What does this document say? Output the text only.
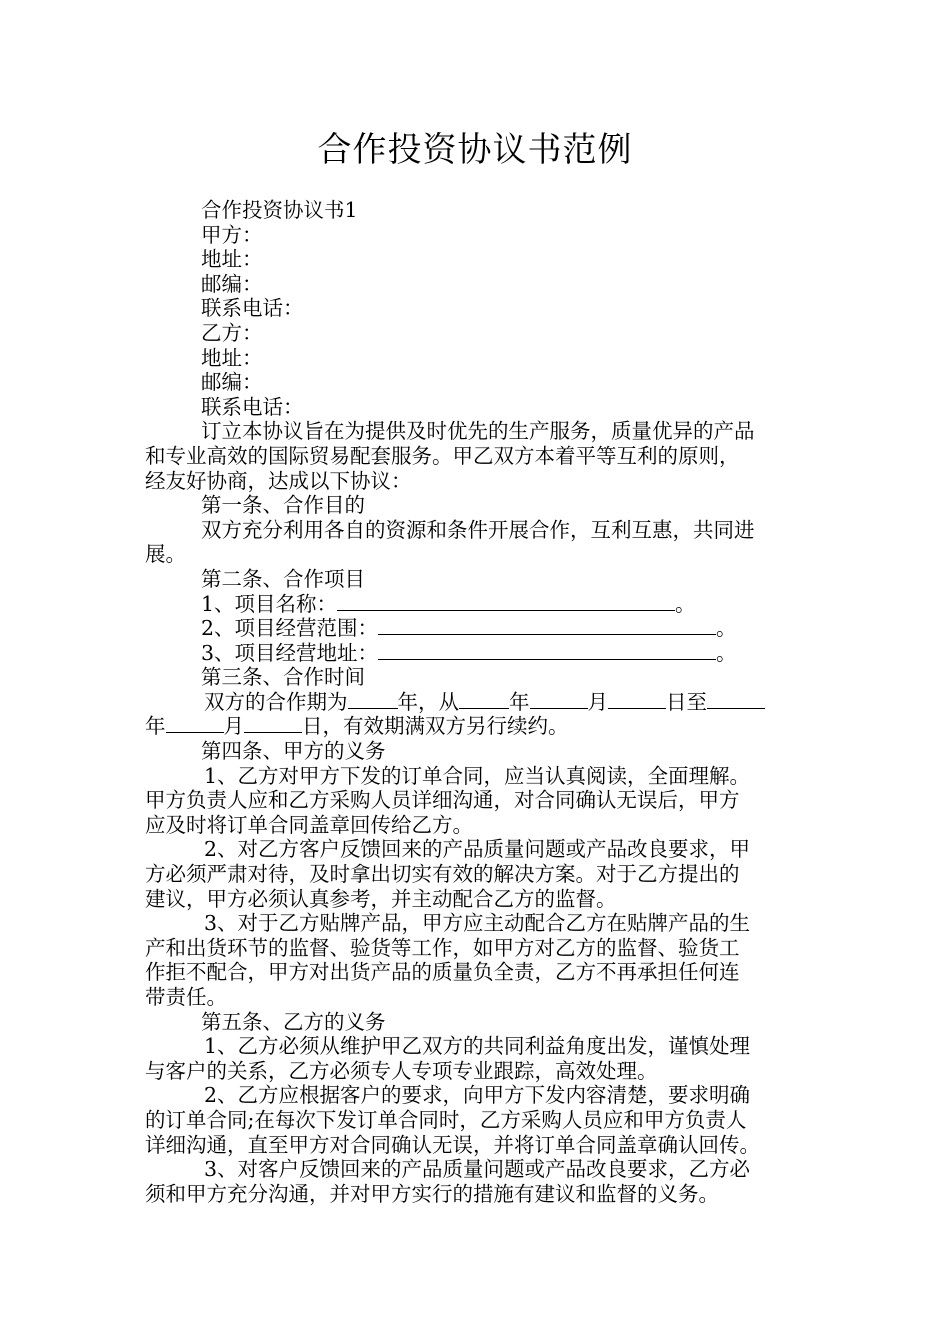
合作投资协议书范例
合作投资协议书1
甲方：
地址：
邮编：
联系电话：
乙方：
地址：
邮编：
联系电话：
订立本协议旨在为提供及时优先的生产服务，质量优异的产品
和专业高效的国际贸易配套服务。甲乙双方本着平等互利的原则，
经友好协商，达成以下协议：
第一条、合作目的
双方充分利用各自的资源和条件开展合作，互利互惠，共同进
展。
第二条、合作项目
1、项目名称：	。
2、项目经营范围：	。
3、项目经营地址：	。
第三条、合作时间
双方的合作期为 年，从 年	月	日至
年	月	日，有效期满双方另行续约。
第四条、甲方的义务
1、乙方对甲方下发的订单合同，应当认真阅读，全面理解。
甲方负责人应和乙方采购人员详细沟通，对合同确认无误后，甲方
应及时将订单合同盖章回传给乙方。
2、对乙方客户反馈回来的产品质量问题或产品改良要求，甲
方必须严肃对待，及时拿出切实有效的解决方案。对于乙方提出的
建议，甲方必须认真参考，并主动配合乙方的监督。
3、对于乙方贴牌产品，甲方应主动配合乙方在贴牌产品的生
产和出货环节的监督、验货等工作，如甲方对乙方的监督、验货工
作拒不配合，甲方对出货产品的质量负全责，乙方不再承担任何连
带责任。
第五条、乙方的义务
1、乙方必须从维护甲乙双方的共同利益角度出发，谨慎处理
与客户的关系，乙方必须专人专项专业跟踪，高效处理。
2、乙方应根据客户的要求，向甲方下发内容清楚，要求明确
的订单合同;在每次下发订单合同时，乙方采购人员应和甲方负责人
详细沟通，直至甲方对合同确认无误，并将订单合同盖章确认回传。
3、对客户反馈回来的产品质量问题或产品改良要求，乙方必
须和甲方充分沟通，并对甲方实行的措施有建议和监督的义务。
